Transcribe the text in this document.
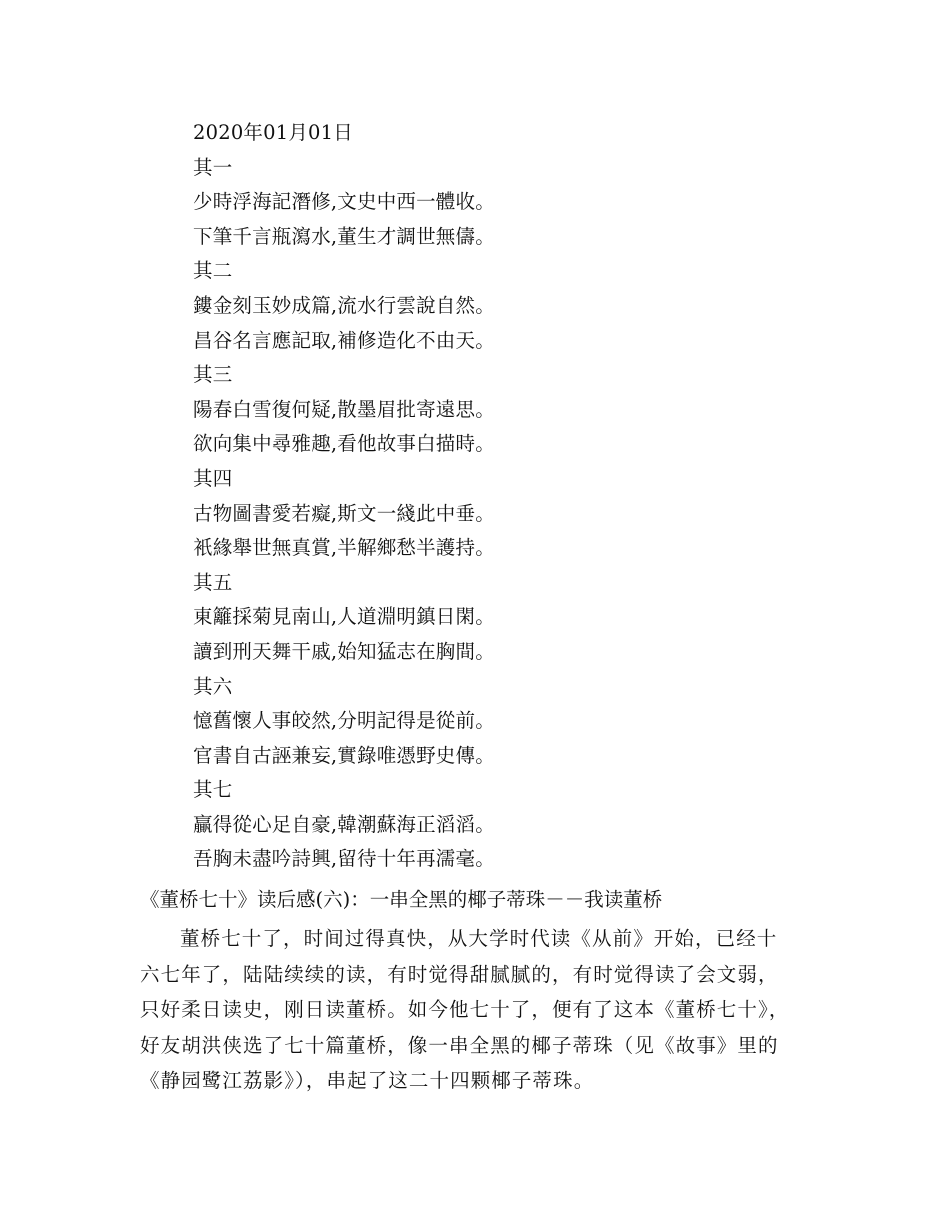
2020年01月01日
其一
少時浮海記潛修,文史中西一體收。
下筆千言瓶瀉水,董生才調世無儔。
其二
鏤金刻玉妙成篇,流水行雲說自然。
昌谷名言應記取,補修造化不由天。
其三
陽春白雪復何疑,散墨眉批寄遠思。
欲向集中尋雅趣,看他故事白描時。
其四
古物圖書愛若癡,斯文一綫此中垂。
衹緣舉世無真賞,半解鄉愁半護持。
其五
東籬採菊見南山,人道淵明鎮日閑。
讀到刑天舞干戚,始知猛志在胸間。
其六
憶舊懷人事皎然,分明記得是從前。
官書自古誣兼妄,實錄唯憑野史傳。
其七
贏得從心足自豪,韓潮蘇海正滔滔。
吾胸未盡吟詩興,留待十年再濡毫。
《董桥七十》读后感(六)：一串全黑的椰子蒂珠－－我读董桥
董桥七十了，时间过得真快，从大学时代读《从前》开始，已经十
六七年了，陆陆续续的读，有时觉得甜腻腻的，有时觉得读了会文弱，
只好柔日读史，刚日读董桥。如今他七十了，便有了这本《董桥七十》，
好友胡洪侠选了七十篇董桥，像一串全黑的椰子蒂珠（见《故事》里的
《静园鹭江荔影》），串起了这二十四颗椰子蒂珠。
